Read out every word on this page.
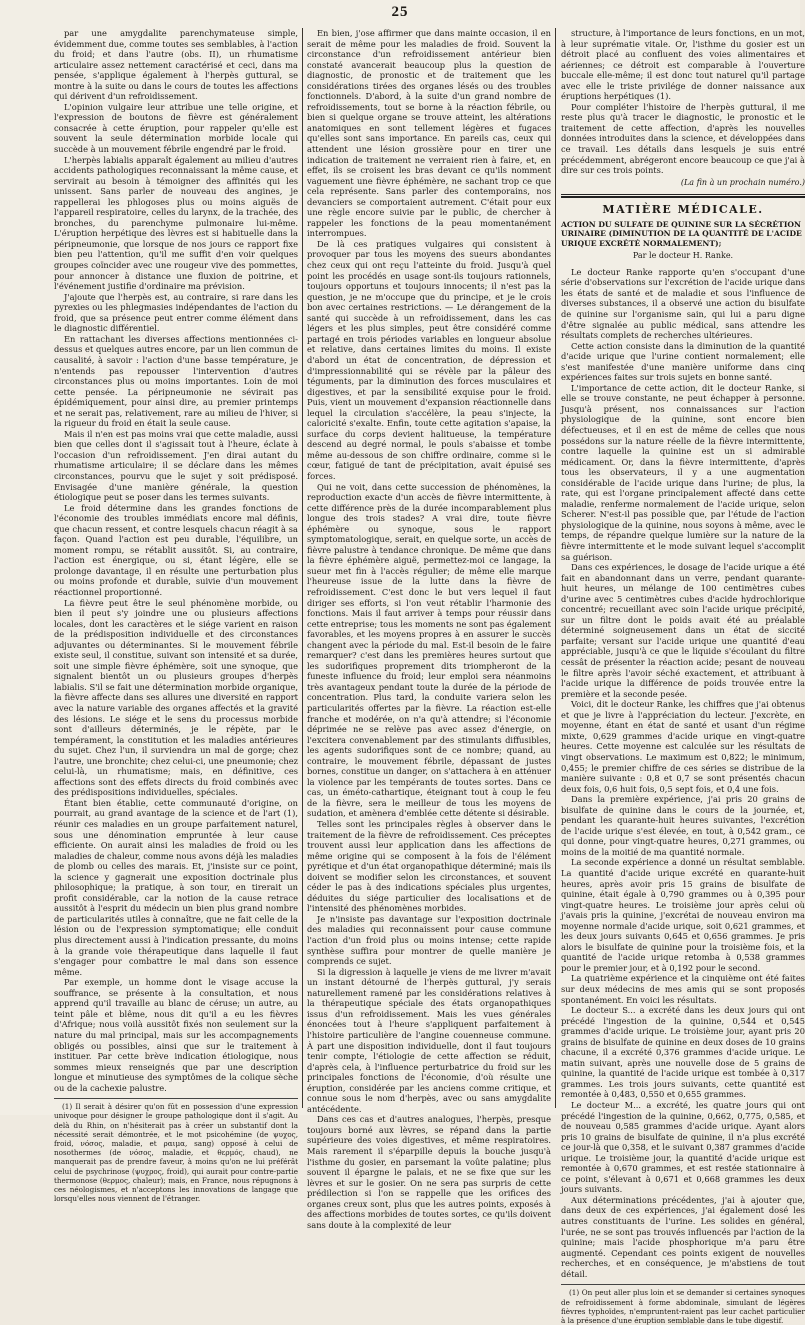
25

par une amygdalite parenchymateuse simple, évidemment due, comme toutes ses semblables, à l'action du froid; et dans l'autre (obs. II), un rhumatisme articulaire assez nettement caractérisé et ceci, dans ma pensée, s'applique également à l'herpès guttural, se montre à la suite ou dans le cours de toutes les affections qui dérivent d'un refroidissement.

L'opinion vulgaire leur attribue une telle origine, et l'expression de boutons de fièvre est généralement consacrée à cette éruption, pour rappeler qu'elle est souvent la seule détermination morbide locale qui succède à un mouvement fébrile engendré par le froid.

L'herpès labialis apparaît également au milieu d'autres accidents pathologiques reconnaissant la même cause, et servirait au besoin à témoigner des affinités qui les unissent. Sans parler de nouveau des angines, je rappellerai les phlogoses plus ou moins aiguës de l'appareil respiratoire, celles du larynx, de la trachée, des bronches, du parenchyme pulmonaire lui-même. L'éruption herpétique des lèvres est si habituelle dans la péripneumonie, que lorsque de nos jours ce rapport fixe bien peu l'attention, qu'il me suffit d'en voir quelques groupes coïncider avec une rougeur vive des pommettes, pour annoncer à distance une fluxion de poitrine, et l'événement justifie d'ordinaire ma prévision.

J'ajoute que l'herpès est, au contraire, si rare dans les pyrexies ou les phlegmasies indépendantes de l'action du froid, que sa présence peut entrer comme élément dans le diagnostic différentiel.

En rattachant les diverses affections mentionnées ci-dessus et quelques autres encore, par un lien commun de causalité, à savoir : l'action d'une basse température, je n'entends pas repousser l'intervention d'autres circonstances plus ou moins importantes. Loin de moi cette pensée. La péripneumonie ne sévirait pas épidémiquement, pour ainsi dire, au premier printemps et ne serait pas, relativement, rare au milieu de l'hiver, si la rigueur du froid en était la seule cause.

Mais il n'en est pas moins vrai que cette maladie, aussi bien que celles dont il s'agissait tout à l'heure, éclate à l'occasion d'un refroidissement. J'en dirai autant du rhumatisme articulaire; il se déclare dans les mêmes circonstances, pourvu que le sujet y soit prédisposé. Envisagée d'une manière générale, la question étiologique peut se poser dans les termes suivants.

Le froid détermine dans les grandes fonctions de l'économie des troubles immédiats encore mal définis, que chacun ressent, et contre lesquels chacun réagit à sa façon. Quand l'action est peu durable, l'équilibre, un moment rompu, se rétablit aussitôt. Si, au contraire, l'action est énergique, ou si, étant légère, elle se prolonge davantage, il en résulte une perturbation plus ou moins profonde et durable, suivie d'un mouvement réactionnel proportionné.

La fièvre peut être le seul phénomène morbide, ou bien il peut s'y joindre une ou plusieurs affections locales, dont les caractères et le siége varient en raison de la prédisposition individuelle et des circonstances adjuvantes ou déterminantes. Si le mouvement fébrile existe seul, il constitue, suivant son intensité et sa durée, soit une simple fièvre éphémère, soit une synoque, que signalent bientôt un ou plusieurs groupes d'herpès labialis. S'il se fait une détermination morbide organique, la fièvre affecte dans ses allures une diversité en rapport avec la nature variable des organes affectés et la gravité des lésions. Le siége et le sens du processus morbide sont d'ailleurs déterminés, je le répète, par le tempérament, la constitution et les maladies antérieures du sujet. Chez l'un, il surviendra un mal de gorge; chez l'autre, une bronchite; chez celui-ci, une pneumonie; chez celui-là, un rhumatisme; mais, en définitive, ces affections sont des effets directs du froid combinés avec des prédispositions individuelles, spéciales.

Étant bien établie, cette communauté d'origine, on pourrait, au grand avantage de la science et de l'art (1), réunir ces maladies en un groupe parfaitement naturel, sous une dénomination empruntée à leur cause efficiente. On aurait ainsi les maladies de froid ou les maladies de chaleur, comme nous avons déjà les maladies de plomb ou celles des marais. Et, j'insiste sur ce point, la science y gagnerait une exposition doctrinale plus philosophique; la pratique, à son tour, en tirerait un profit considérable, car la notion de la cause retrace aussitôt à l'esprit du médecin un bien plus grand nombre de particularités utiles à connaître, que ne fait celle de la lésion ou de l'expression symptomatique; elle conduit plus directement aussi à l'indication pressante, du moins à la grande voie thérapeutique dans laquelle il faut s'engager pour combattre le mal dans son essence même.

Par exemple, un homme dont le visage accuse la souffrance, se présente à la consultation, et nous apprend qu'il travaille au blanc de céruse; un autre, au teint pâle et blême, nous dit qu'il a eu les fièvres d'Afrique; nous voilà aussitôt fixés non seulement sur la nature du mal principal, mais sur les accompagnements obligés ou possibles, ainsi que sur le traitement à instituer. Par cette brève indication étiologique, nous sommes mieux renseignés que par une description longue et minutieuse des symptômes de la colique sèche ou de la cachexie palustre.

(1) Il serait à désirer qu'on fût en possession d'une expression univoque pour désigner le groupe pathologique dont il s'agit. Au delà du Rhin, on n'hésiterait pas à créer un substantif dont la nécessité serait démontrée, et le mot psicohémine (de ψυχος, froid, νόσος, maladie, et ραιμα, sang) opposé à celui de nosothermes (de νόσος, maladie, et θερμός, chaud), ne manquerait pas de prendre faveur, à moins qu'on ne lui préférât celui de psychrinose (ψυχρος, froid), qui aurait pour contre-partie thermonose (θερμος, chaleur); mais, en France, nous répugnons à ces néologismes, et n'acceptons les innovations de langage que lorsqu'elles nous viennent de l'étranger.

En bien, j'ose affirmer que dans mainte occasion, il en serait de même pour les maladies de froid. Souvent la circonstance d'un refroidissement antérieur bien constaté avancerait beaucoup plus la question de diagnostic, de pronostic et de traitement que les considérations tirées des organes lésés ou des troubles fonctionnels. D'abord, à la suite d'un grand nombre de refroidissements, tout se borne à la réaction fébrile, ou bien si quelque organe se trouve atteint, les altérations anatomiques en sont tellement légères et fugaces qu'elles sont sans importance. En pareils cas, ceux qui attendent une lésion grossière pour en tirer une indication de traitement ne verraient rien à faire, et, en effet, ils se croisent les bras devant ce qu'ils nomment vaguement une fièvre éphémère, ne sachant trop ce que cela représente. Sans parler des contemporains, nos devanciers se comportaient autrement. C'était pour eux une règle encore suivie par le public, de chercher à rappeler les fonctions de la peau momentanément interrompues.

De là ces pratiques vulgaires qui consistent à provoquer par tous les moyens des sueurs abondantes chez ceux qui ont reçu l'atteinte du froid. Jusqu'à quel point les procédés en usage sont-ils toujours rationnels, toujours opportuns et toujours innocents; il n'est pas la question, je ne m'occupe que du principe, et je le crois bon avec certaines restrictions. — Le dérangement de la santé qui succède à un refroidissement, dans les cas légers et les plus simples, peut être considéré comme partagé en trois périodes variables en longueur absolue et relative, dans certaines limites du moins. Il existe d'abord un état de concentration, de dépression et d'impressionnabilité qui se révèle par la pâleur des téguments, par la diminution des forces musculaires et digestives, et par la sensibilité exquise pour le froid. Puis, vient un mouvement d'expansion réactionnelle dans lequel la circulation s'accélère, la peau s'injecte, la caloricité s'exalte. Enfin, toute cette agitation s'apaise, la surface du corps devient halitueuse, la température descend au degré normal, le pouls s'abaisse et tombe même au-dessous de son chiffre ordinaire, comme si le cœur, fatigué de tant de précipitation, avait épuisé ses forces.

Qui ne voit, dans cette succession de phénomènes, la reproduction exacte d'un accès de fièvre intermittente, à cette différence près de la durée incomparablement plus longue des trois stades? A vrai dire, toute fièvre éphémère ou synoque, sous le rapport symptomatologique, serait, en quelque sorte, un accès de fièvre palustre à tendance chronique. De même que dans la fièvre éphémère aiguë, permettez-moi ce langage, la sueur met fin à l'accès régulier; de même elle marque l'heureuse issue de la lutte dans la fièvre de refroidissement. C'est donc le but vers lequel il faut diriger ses efforts, si l'on veut rétablir l'harmonie des fonctions. Mais il faut arriver à temps pour réussir dans cette entreprise; tous les moments ne sont pas également favorables, et les moyens propres à en assurer le succès changent avec la période du mal. Est-il besoin de le faire remarquer? c'est dans les premières heures surtout que les sudorifiques proprement dits triompheront de la funeste influence du froid; leur emploi sera néanmoins très avantageux pendant toute la durée de la période de concentration. Plus tard, la conduite variera selon les particularités offertes par la fièvre. La réaction est-elle franche et modérée, on n'a qu'à attendre; si l'économie déprimée ne se relève pas avec assez d'énergie, on l'excitera convenablement par des stimulants diffusibles, les agents sudorifiques sont de ce nombre; quand, au contraire, le mouvement fébrile, dépassant de justes bornes, constitue un danger, on s'attachera à en atténuer la violence par les tempérants de toutes sortes. Dans ce cas, un éméto-cathartique, éteignant tout à coup le feu de la fièvre, sera le meilleur de tous les moyens de sudation, et amènera d'emblée cette détente si désirable.

Telles sont les principales règles à observer dans le traitement de la fièvre de refroidissement. Ces préceptes trouvent aussi leur application dans les affections de même origine qui se composent à la fois de l'élément pyrétique et d'un état organopathique déterminé; mais ils doivent se modifier selon les circonstances, et souvent céder le pas à des indications spéciales plus urgentes, déduites du siége particulier des localisations et de l'intensité des phénomènes morbides.

Je n'insiste pas davantage sur l'exposition doctrinale des maladies qui reconnaissent pour cause commune l'action d'un froid plus ou moins intense; cette rapide synthèse suffira pour montrer de quelle manière je comprends ce sujet.

Si la digression à laquelle je viens de me livrer m'avait un instant détourné de l'herpès guttural, j'y serais naturellement ramené par les considérations relatives à la thérapeutique spéciale des états organopathiques issus d'un refroidissement. Mais les vues générales énoncées tout à l'heure s'appliquent parfaitement à l'histoire particulière de l'angine couenneuse commune. À part une disposition individuelle, dont il faut toujours tenir compte, l'étiologie de cette affection se réduit, d'après cela, à l'influence perturbatrice du froid sur les principales fonctions de l'économie, d'où résulte une éruption, considérée par les anciens comme critique, et connue sous le nom d'herpès, avec ou sans amygdalite antécédente.

Dans ces cas et d'autres analogues, l'herpès, presque toujours borné aux lèvres, se répand dans la partie supérieure des voies digestives, et même respiratoires. Mais rarement il s'éparpille depuis la bouche jusqu'à l'isthme du gosier, en parsemant la voûte palatine; plus souvent il épargne le palais, et ne se fixe que sur les lèvres et sur le gosier. On ne sera pas surpris de cette prédilection si l'on se rappelle que les orifices des organes creux sont, plus que les autres points, exposés à des affections morbides de toutes sortes, ce qu'ils doivent sans doute à la complexité de leur

structure, à l'importance de leurs fonctions, en un mot, à leur suprématie vitale. Or, l'isthme du gosier est un détroit placé au confluent des voies alimentaires et aériennes; ce détroit est comparable à l'ouverture buccale elle-même; il est donc tout naturel qu'il partage avec elle le triste privilége de donner naissance aux éruptions herpétiques (1).

Pour compléter l'histoire de l'herpès guttural, il me reste plus qu'à tracer le diagnostic, le pronostic et le traitement de cette affection, d'après les nouvelles données introduites dans la science, et développées dans ce travail. Les détails dans lesquels je suis entré précédemment, abrégeront encore beaucoup ce que j'ai à dire sur ces trois points.

(La fin à un prochain numéro.)
MATIÈRE MÉDICALE.
ACTION DU SULFATE DE QUININE SUR LA SÉCRÉTION URINAIRE (DIMINUTION DE LA QUANTITÉ DE L'ACIDE URIQUE EXCRÉTÉ NORMALEMENT);
Par le docteur H. Ranke.

Le docteur Ranke rapporte qu'en s'occupant d'une série d'observations sur l'excrétion de l'acide urique dans les états de santé et de maladie et sous l'influence de diverses substances, il a observé une action du bisulfate de quinine sur l'organisme sain, qui lui a paru digne d'être signalée au public médical, sans attendre les résultats complets de recherches ultérieures.

Cette action consiste dans la diminution de la quantité d'acide urique que l'urine contient normalement; elle s'est manifestée d'une manière uniforme dans cinq expériences faites sur trois sujets en bonne santé.

L'importance de cette action, dit le docteur Ranke, si elle se trouve constante, ne peut échapper à personne. Jusqu'à présent, nos connaissances sur l'action physiologique de la quinine, sont encore bien défectueuses, et il en est de même de celles que nous possédons sur la nature réelle de la fièvre intermittente, contre laquelle la quinine est un si admirable médicament. Or, dans la fièvre intermittente, d'après tous les observateurs, il y a une augmentation considérable de l'acide urique dans l'urine; de plus, la rate, qui est l'organe principalement affecté dans cette maladie, renferme normalement de l'acide urique, selon Scherer. N'est-il pas possible que, par l'étude de l'action physiologique de la quinine, nous soyons à même, avec le temps, de répandre quelque lumière sur la nature de la fièvre intermittente et le mode suivant lequel s'accomplit sa guérison.

Dans ces expériences, le dosage de l'acide urique a été fait en abandonnant dans un verre, pendant quarante-huit heures, un mélange de 100 centimètres cubes d'urine avec 5 centimètres cubes d'acide hydrochlorique concentré; recueillant avec soin l'acide urique précipité, sur un filtre dont le poids avait été au préalable déterminé soigneusement dans un état de siccité parfaite; versant sur l'acide urique une quantité d'eau appréciable, jusqu'à ce que le liquide s'écoulant du filtre cessât de présenter la réaction acide; pesant de nouveau le filtre après l'avoir séché exactement, et attribuant à l'acide urique la différence de poids trouvée entre la première et la seconde pesée.

Voici, dit le docteur Ranke, les chiffres que j'ai obtenus et que je livre à l'appréciation du lecteur. J'excrète, en moyenne, étant en état de santé et usant d'un régime mixte, 0,629 grammes d'acide urique en vingt-quatre heures. Cette moyenne est calculée sur les résultats de vingt observations. Le maximum est 0,822; le minimum, 0,455; le premier chiffre de ces séries se distribue de la manière suivante : 0,8 et 0,7 se sont présentés chacun deux fois, 0,6 huit fois, 0,5 sept fois, et 0,4 une fois.

Dans la première expérience, j'ai pris 20 grains de bisulfate de quinine dans le cours de la journée, et, pendant les quarante-huit heures suivantes, l'excrétion de l'acide urique s'est élevée, en tout, à 0,542 gram., ce qui donne, pour vingt-quatre heures, 0,271 grammes, ou moins de la moitié de ma quantité normale.

La seconde expérience a donné un résultat semblable. La quantité d'acide urique excrété en quarante-huit heures, après avoir pris 15 grains de bisulfate de quinine, était égale à 0,790 grammes ou à 0,395 pour vingt-quatre heures. Le troisième jour après celui où j'avais pris la quinine, j'excrétai de nouveau environ ma moyenne normale d'acide urique, soit 0,621 grammes, et les deux jours suivants 0,645 et 0,656 grammes. Je pris alors le bisulfate de quinine pour la troisième fois, et la quantité de l'acide urique retomba à 0,538 grammes pour le premier jour, et à 0,192 pour le second.

La quatrième expérience et la cinquième ont été faites sur deux médecins de mes amis qui se sont proposés spontanément. En voici les résultats.

Le docteur S... a excrété dans les deux jours qui ont précédé l'ingestion de la quinine, 0,544 et 0,545 grammes d'acide urique. Le troisième jour, ayant pris 20 grains de bisulfate de quinine en deux doses de 10 grains chacune, il a excrété 0,376 grammes d'acide urique. Le matin suivant, après une nouvelle dose de 5 grains de quinine, la quantité de l'acide urique est tombée à 0,317 grammes. Les trois jours suivants, cette quantité est remontée à 0,483, 0,550 et 0,655 grammes.

Le docteur M... a excrété, les quatre jours qui ont précédé l'ingestion de la quinine, 0,662, 0,775, 0,585, et de nouveau 0,585 grammes d'acide urique. Ayant alors pris 10 grains de bisulfate de quinine, il n'a plus excrété ce jour-là que 0,358, et le suivant 0,387 grammes d'acide urique. Le troisième jour, la quantité d'acide urique est remontée à 0,670 grammes, et est restée stationnaire à ce point, s'élevant à 0,671 et 0,668 grammes les deux jours suivants.

Aux déterminations précédentes, j'ai à ajouter que, dans deux de ces expériences, j'ai également dosé les autres constituants de l'urine. Les solides en général, l'urée, ne se sont pas trouvés influencés par l'action de la quinine; mais l'acide phosphorique m'a paru être augmenté. Cependant ces points exigent de nouvelles recherches, et en conséquence, je m'abstiens de tout détail.

(1) On peut aller plus loin et se demander si certaines synoques de refroidissement à forme abdominale, simulant de légères fièvres typhoïdes, n'empruntent-raient pas leur cachet particulier à la présence d'une éruption semblable dans le tube digestif.
